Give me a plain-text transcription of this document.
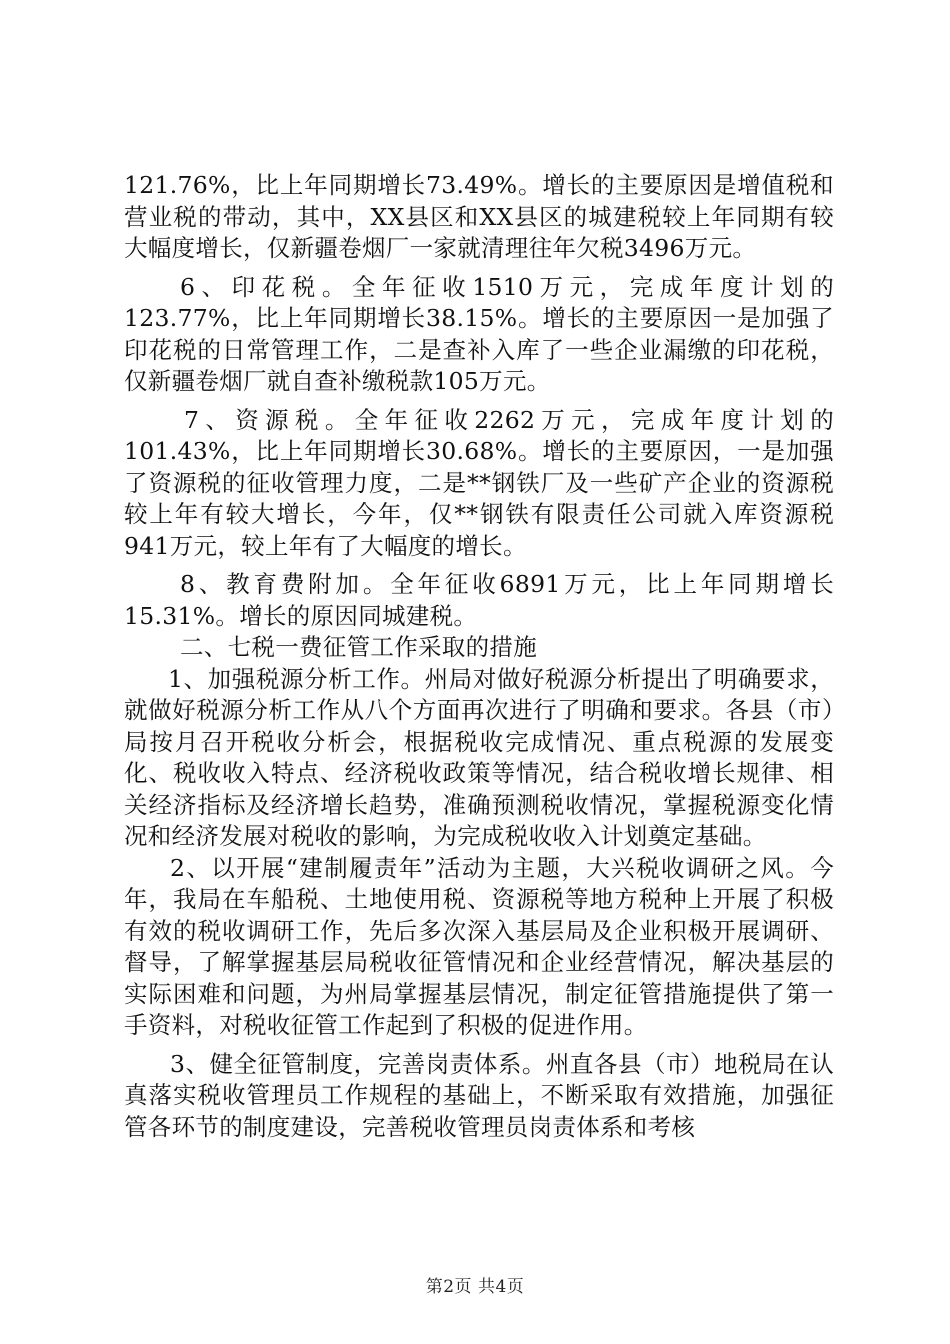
121.76%，比上年同期增长73.49%。增长的主要原因是增值税和营业税的带动，其中，XX县区和XX县区的城建税较上年同期有较大幅度增长，仅新疆卷烟厂一家就清理往年欠税3496万元。

6、印花税。全年征收1510万元，完成年度计划的123.77%，比上年同期增长38.15%。增长的主要原因一是加强了印花税的日常管理工作，二是查补入库了一些企业漏缴的印花税，仅新疆卷烟厂就自查补缴税款105万元。

7、资源税。全年征收2262万元，完成年度计划的101.43%，比上年同期增长30.68%。增长的主要原因，一是加强了资源税的征收管理力度，二是**钢铁厂及一些矿产企业的资源税较上年有较大增长，今年，仅**钢铁有限责任公司就入库资源税941万元，较上年有了大幅度的增长。

8、教育费附加。全年征收6891万元，比上年同期增长15.31%。增长的原因同城建税。

二、七税一费征管工作采取的措施

1、加强税源分析工作。州局对做好税源分析提出了明确要求，就做好税源分析工作从八个方面再次进行了明确和要求。各县（市）局按月召开税收分析会，根据税收完成情况、重点税源的发展变化、税收收入特点、经济税收政策等情况，结合税收增长规律、相关经济指标及经济增长趋势，准确预测税收情况，掌握税源变化情况和经济发展对税收的影响，为完成税收收入计划奠定基础。

2、以开展“建制履责年”活动为主题，大兴税收调研之风。今年，我局在车船税、土地使用税、资源税等地方税种上开展了积极有效的税收调研工作，先后多次深入基层局及企业积极开展调研、督导，了解掌握基层局税收征管情况和企业经营情况，解决基层的实际困难和问题，为州局掌握基层情况，制定征管措施提供了第一手资料，对税收征管工作起到了积极的促进作用。

3、健全征管制度，完善岗责体系。州直各县（市）地税局在认真落实税收管理员工作规程的基础上，不断采取有效措施，加强征管各环节的制度建设，完善税收管理员岗责体系和考核

第2页 共4页
